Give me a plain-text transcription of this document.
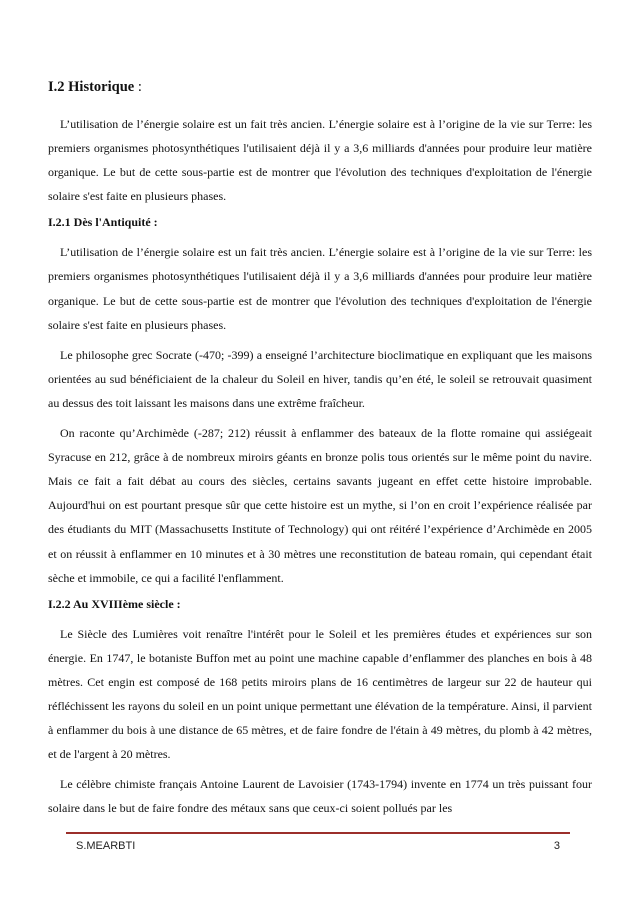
I.2 Historique :

L’utilisation de l’énergie solaire est un fait très ancien. L’énergie solaire est à l’origine de la vie sur Terre: les premiers organismes photosynthétiques l'utilisaient déjà il y a 3,6 milliards d'années pour produire leur matière organique. Le but de cette sous-partie est de montrer que l'évolution des techniques d'exploitation de l'énergie solaire s'est faite en plusieurs phases.

I.2.1 Dès l'Antiquité :

L’utilisation de l’énergie solaire est un fait très ancien. L’énergie solaire est à l’origine de la vie sur Terre: les premiers organismes photosynthétiques l'utilisaient déjà il y a 3,6 milliards d'années pour produire leur matière organique. Le but de cette sous-partie est de montrer que l'évolution des techniques d'exploitation de l'énergie solaire s'est faite en plusieurs phases.

Le philosophe grec Socrate (-470; -399) a enseigné l’architecture bioclimatique en expliquant que les maisons orientées au sud bénéficiaient de la chaleur du Soleil en hiver, tandis qu’en été, le soleil se retrouvait quasiment au dessus des toit laissant les maisons dans une extrême fraîcheur.

On raconte qu’Archimède (-287; 212) réussit à enflammer des bateaux de la flotte romaine qui assiégeait Syracuse en 212, grâce à de nombreux miroirs géants en bronze polis tous orientés sur le même point du navire. Mais ce fait a fait débat au cours des siècles, certains savants jugeant en effet cette histoire improbable. Aujourd'hui on est pourtant presque sûr que cette histoire est un mythe, si l’on en croit l’expérience réalisée par des étudiants du MIT (Massachusetts Institute of Technology) qui ont réitéré l’expérience d’Archimède en 2005 et on réussit à enflammer en 10 minutes et à 30 mètres une reconstitution de bateau romain, qui cependant était sèche et immobile, ce qui a facilité l'enflamment.

I.2.2 Au XVIIIème siècle :

Le Siècle des Lumières voit renaître l'intérêt pour le Soleil et les premières études et expériences sur son énergie. En 1747, le botaniste Buffon met au point une machine capable d’enflammer des planches en bois à 48 mètres. Cet engin est composé de 168 petits miroirs plans de 16 centimètres de largeur sur 22 de hauteur qui réfléchissent les rayons du soleil en un point unique permettant une élévation de la température. Ainsi, il parvient à enflammer du bois à une distance de 65 mètres, et de faire fondre de l'étain à 49 mètres, du plomb à 42 mètres, et de l'argent à 20 mètres.

Le célèbre chimiste français Antoine Laurent de Lavoisier (1743-1794) invente en 1774 un très puissant four solaire dans le but de faire fondre des métaux sans que ceux-ci soient pollués par les

S.MEARBTI	3
